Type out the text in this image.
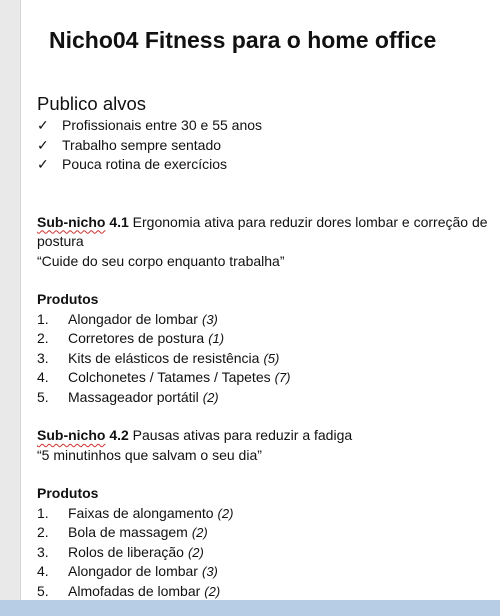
Nicho04 Fitness para o home office
Publico alvos
✓ Profissionais entre 30 e 55 anos
✓ Trabalho sempre sentado
✓ Pouca rotina de exercícios
Sub-nicho 4.1 Ergonomia ativa para reduzir dores lombar e correção de postura
“Cuide do seu corpo enquanto trabalha”
Produtos
1.	Alongador de lombar (3)
2.	Corretores de postura (1)
3.	Kits de elásticos de resistência (5)
4.	Colchonetes / Tatames / Tapetes (7)
5.	Massageador portátil (2)
Sub-nicho 4.2 Pausas ativas para reduzir a fadiga
“5 minutinhos que salvam o seu dia”
Produtos
1.	Faixas de alongamento (2)
2.	Bola de massagem (2)
3.	Rolos de liberação (2)
4.	Alongador de lombar (3)
5.	Almofadas de lombar (2)
